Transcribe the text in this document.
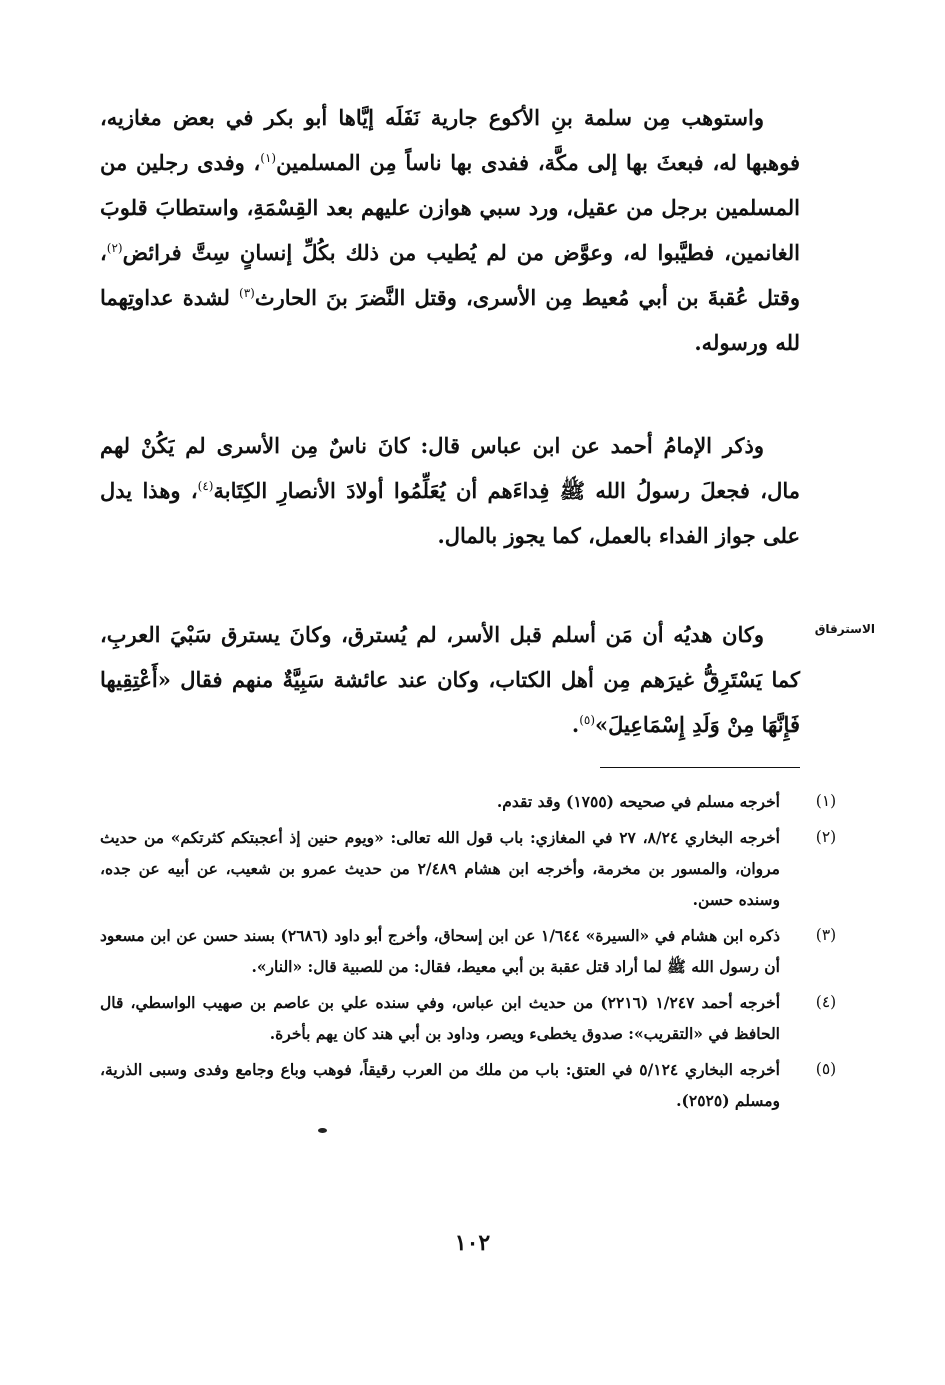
واستوهب مِن سلمة بنِ الأكوع جارية نَفَلَه إيَّاها أبو بكر في بعض مغازيه، فوهبها له، فبعثَ بها إلى مكَّة، ففدى بها ناساً مِن المسلمين$^{(١)}$، وفدى رجلين من المسلمين برجل من عقيل، ورد سبي هوازن عليهم بعد القِسْمَةِ، واستطابَ قلوبَ الغانمين، فطيَّبوا له، وعوَّض من لم يُطيب من ذلك بكُلِّ إنسانٍ سِتَّ فرائض$^{(٢)}$، وقتل عُقبةَ بن أبي مُعيط مِن الأسرى، وقتل النَّضرَ بنَ الحارث$^{(٣)}$ لشدة عداوتِهما لله ورسوله.

وذكر الإمامُ أحمد عن ابن عباس قال: كانَ ناسٌ مِن الأسرى لم يَكُنْ لهم مال، فجعلَ رسولُ الله ﷺ فِداءَهم أن يُعَلِّمُوا أولادَ الأنصارِ الكِتَابة$^{(٤)}$، وهذا يدل على جواز الفداء بالعمل، كما يجوز بالمال.

الاسترقاق

وكان هديُه أن مَن أسلم قبل الأسر، لم يُسترق، وكانَ يسترق سَبْيَ العربِ، كما يَسْتَرِقُّ غيرَهم مِن أهل الكتاب، وكان عند عائشة سَبِيَّةٌ منهم فقال «أَعْتِقِيها فَإِنَّهَا مِنْ وَلَدِ إِسْمَاعِيلَ»$^{(٥)}$.

(١)
أخرجه مسلم في صحيحه (١٧٥٥) وقد تقدم.
(٢)
أخرجه البخاري ٨/٢٤، ٢٧ في المغازي: باب قول الله تعالى: «ويوم حنين إذ أعجبتكم كثرتكم» من حديث مروان، والمسور بن مخرمة، وأخرجه ابن هشام ٢/٤٨٩ من حديث عمرو بن شعيب، عن أبيه عن جده، وسنده حسن.
(٣)
ذكره ابن هشام في «السيرة» ١/٦٤٤ عن ابن إسحاق، وأخرج أبو داود (٢٦٨٦) بسند حسن عن ابن مسعود أن رسول الله ﷺ لما أراد قتل عقبة بن أبي معيط، فقال: من للصبية قال: «النار».
(٤)
أخرجه أحمد ١/٢٤٧ (٢٢١٦) من حديث ابن عباس، وفي سنده علي بن عاصم بن صهيب الواسطي، قال الحافظ في «التقريب»: صدوق يخطىء ويصر، وداود بن أبي هند كان يهم بأخرة.
(٥)
أخرجه البخاري ٥/١٢٤ في العتق: باب من ملك من العرب رقيقاً، فوهب وباع وجامع وفدى وسبى الذرية، ومسلم (٢٥٢٥).
١٠٢
